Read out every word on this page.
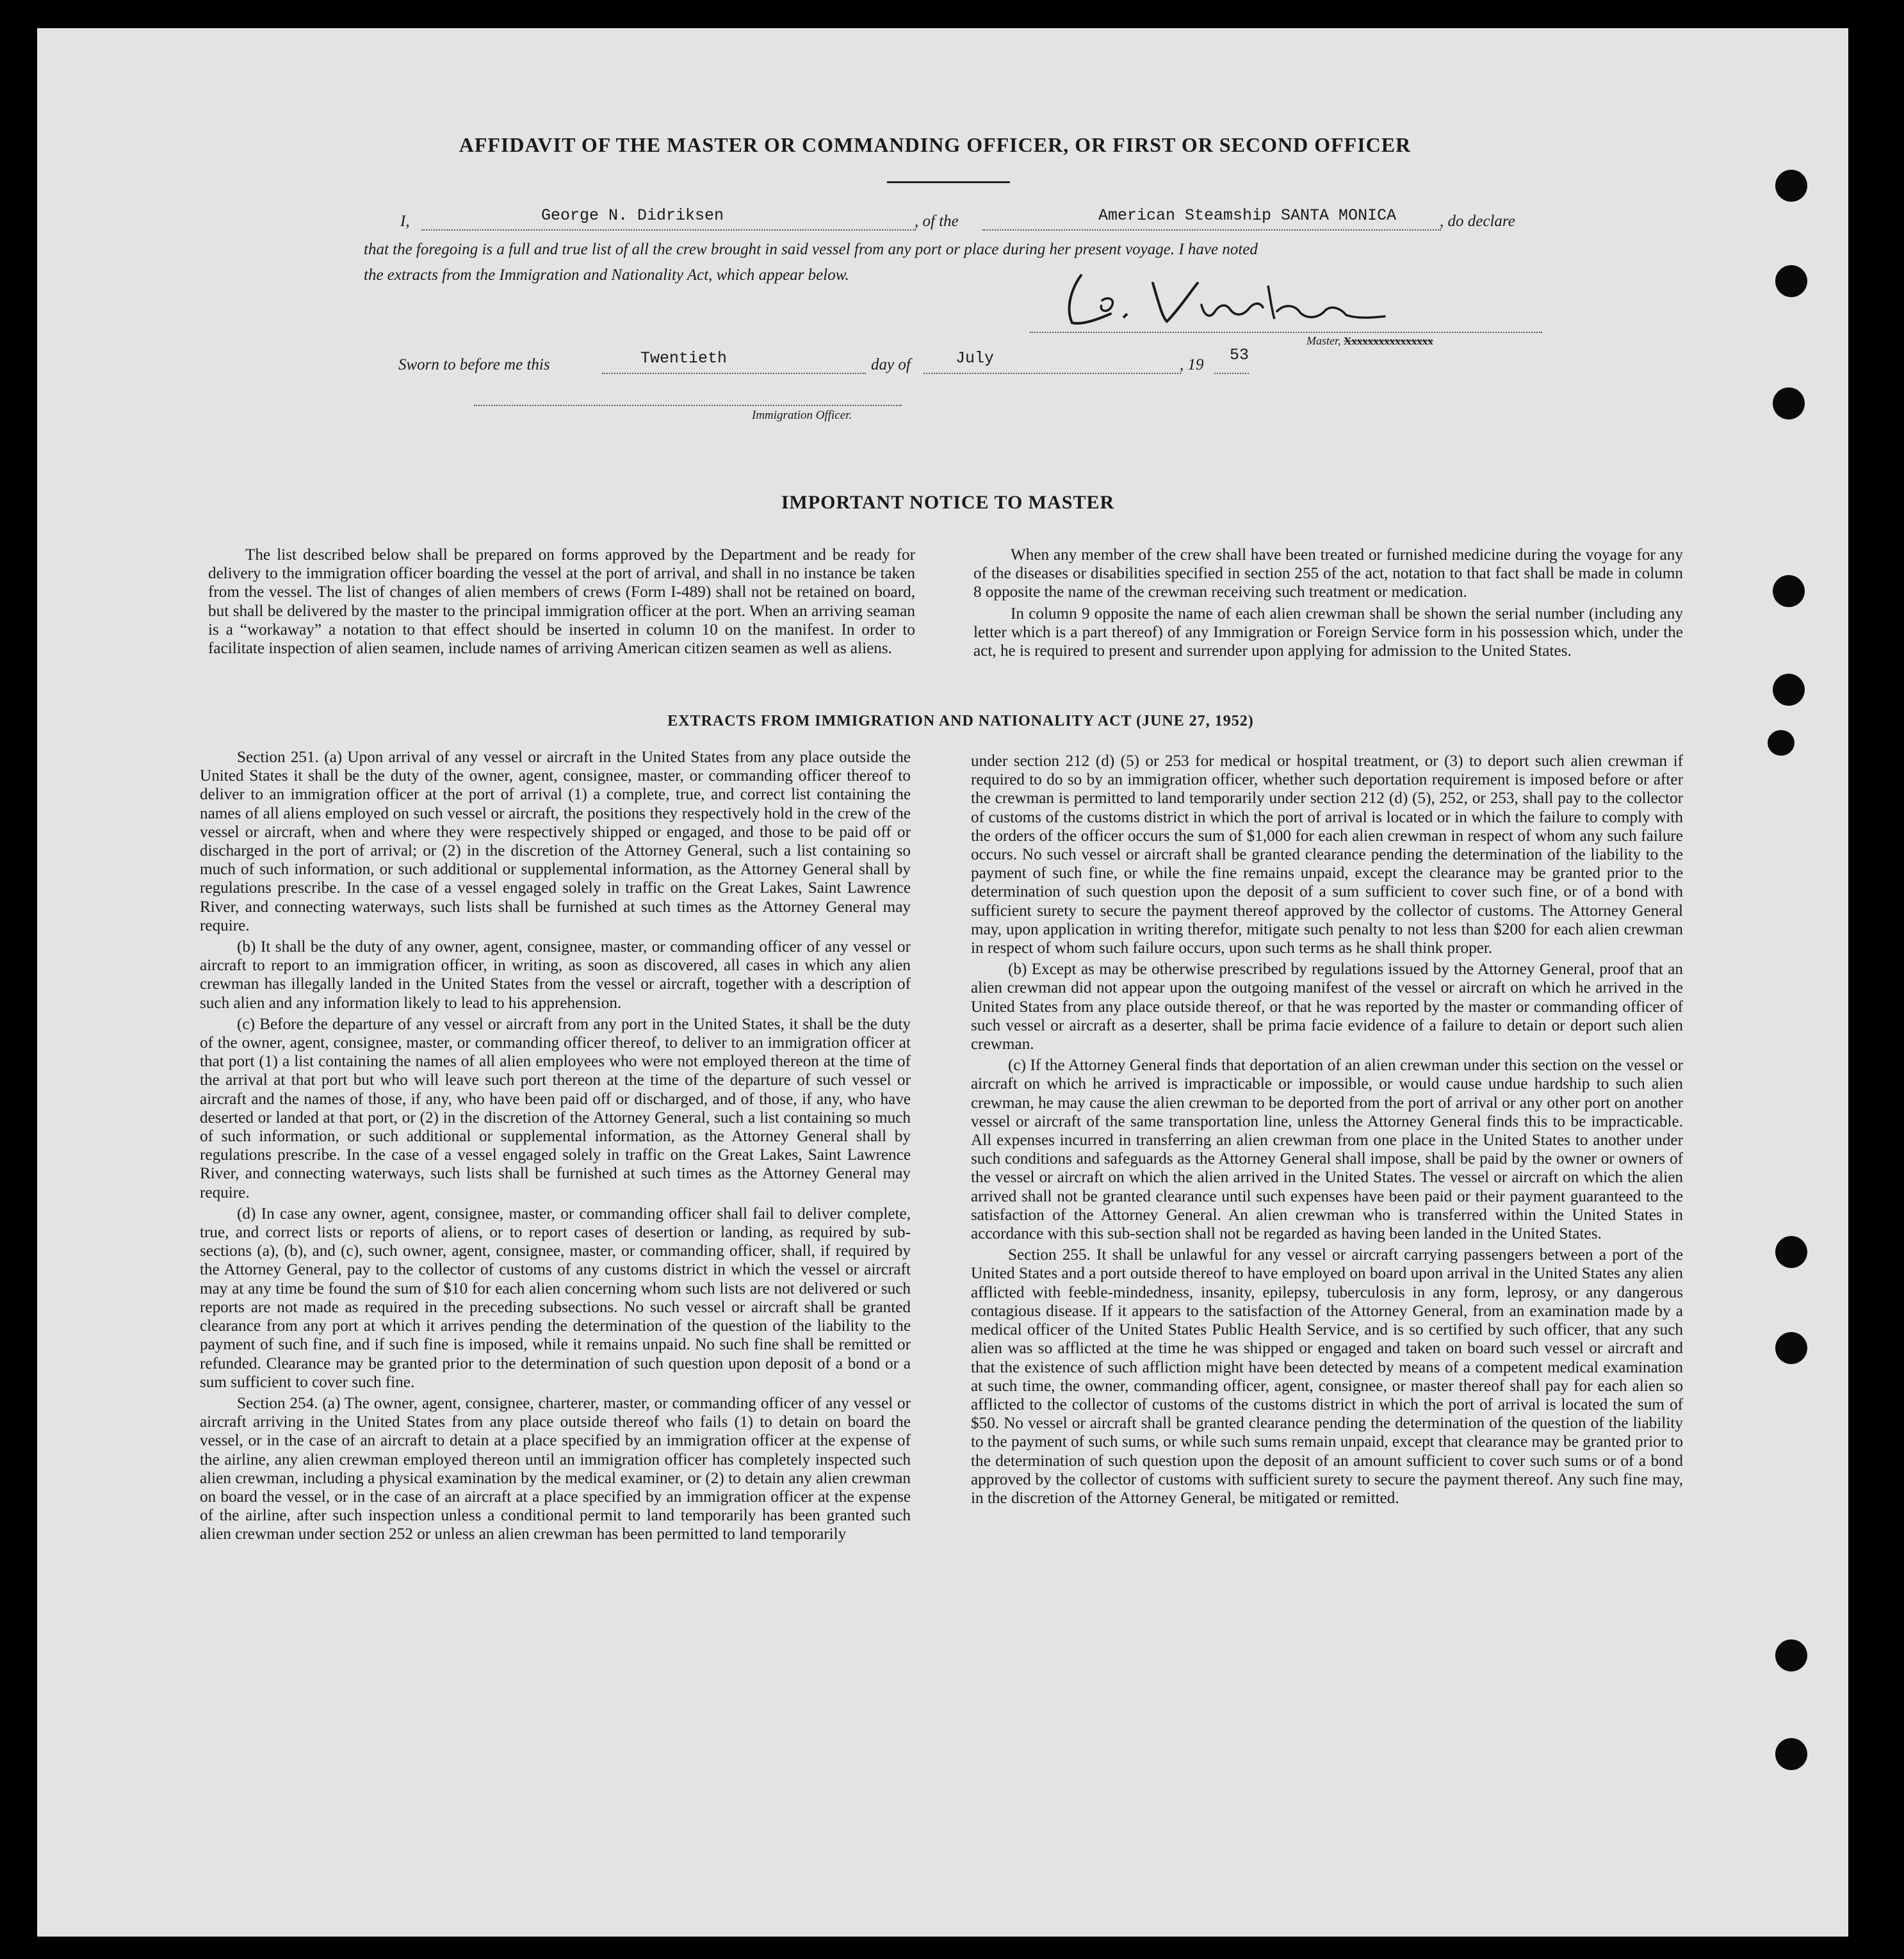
AFFIDAVIT OF THE MASTER OR COMMANDING OFFICER, OR FIRST OR SECOND OFFICER
I,	George N. Didriksen	, of the	American Steamship SANTA MONICA	, do declare
that the foregoing is a full and true list of all the crew brought in said vessel from any port or place during her present voyage. I have noted
the extracts from the Immigration and Nationality Act, which appear below.
Master, Xxxxxxxxxxxxxxxx
Sworn to before me this	Twentieth	day of	July	, 19
53
Immigration Officer.
IMPORTANT NOTICE TO MASTER

The list described below shall be prepared on forms approved by the Department and be ready for delivery to the immigration officer boarding the vessel at the port of arrival, and shall in no instance be taken from the vessel. The list of changes of alien members of crews (Form I-489) shall not be retained on board, but shall be delivered by the master to the principal immigration officer at the port. When an arriving seaman is a “workaway” a notation to that effect should be inserted in column 10 on the manifest. In order to facilitate inspection of alien seamen, include names of arriving American citizen seamen as well as aliens.

When any member of the crew shall have been treated or furnished medicine during the voyage for any of the diseases or disabilities specified in section 255 of the act, notation to that fact shall be made in column 8 opposite the name of the crewman receiving such treatment or medication.

In column 9 opposite the name of each alien crewman shall be shown the serial number (including any letter which is a part thereof) of any Immigration or Foreign Service form in his possession which, under the act, he is required to present and surrender upon applying for admission to the United States.

EXTRACTS FROM IMMIGRATION AND NATIONALITY ACT (JUNE 27, 1952)

Section 251. (a) Upon arrival of any vessel or aircraft in the United States from any place outside the United States it shall be the duty of the owner, agent, consignee, master, or commanding officer thereof to deliver to an immigration officer at the port of arrival (1) a complete, true, and correct list containing the names of all aliens employed on such vessel or aircraft, the positions they respectively hold in the crew of the vessel or aircraft, when and where they were respectively shipped or engaged, and those to be paid off or discharged in the port of arrival; or (2) in the discretion of the Attorney General, such a list containing so much of such information, or such additional or supplemental information, as the Attorney General shall by regulations prescribe. In the case of a vessel engaged solely in traffic on the Great Lakes, Saint Lawrence River, and connecting waterways, such lists shall be furnished at such times as the Attorney General may require.

(b) It shall be the duty of any owner, agent, consignee, master, or commanding officer of any vessel or aircraft to report to an immigration officer, in writing, as soon as discovered, all cases in which any alien crewman has illegally landed in the United States from the vessel or aircraft, together with a description of such alien and any information likely to lead to his apprehension.

(c) Before the departure of any vessel or aircraft from any port in the United States, it shall be the duty of the owner, agent, consignee, master, or commanding officer thereof, to deliver to an immigration officer at that port (1) a list containing the names of all alien employees who were not employed thereon at the time of the arrival at that port but who will leave such port thereon at the time of the departure of such vessel or aircraft and the names of those, if any, who have been paid off or discharged, and of those, if any, who have deserted or landed at that port, or (2) in the discretion of the Attorney General, such a list containing so much of such information, or such additional or supplemental information, as the Attorney General shall by regulations prescribe. In the case of a vessel engaged solely in traffic on the Great Lakes, Saint Lawrence River, and connecting waterways, such lists shall be furnished at such times as the Attorney General may require.

(d) In case any owner, agent, consignee, master, or commanding officer shall fail to deliver complete, true, and correct lists or reports of aliens, or to report cases of desertion or landing, as required by sub-sections (a), (b), and (c), such owner, agent, consignee, master, or commanding officer, shall, if required by the Attorney General, pay to the collector of customs of any customs district in which the vessel or aircraft may at any time be found the sum of $10 for each alien concerning whom such lists are not delivered or such reports are not made as required in the preceding subsections. No such vessel or aircraft shall be granted clearance from any port at which it arrives pending the determination of the question of the liability to the payment of such fine, and if such fine is imposed, while it remains unpaid. No such fine shall be remitted or refunded. Clearance may be granted prior to the determination of such question upon deposit of a bond or a sum sufficient to cover such fine.

Section 254. (a) The owner, agent, consignee, charterer, master, or commanding officer of any vessel or aircraft arriving in the United States from any place outside thereof who fails (1) to detain on board the vessel, or in the case of an aircraft to detain at a place specified by an immigration officer at the expense of the airline, any alien crewman employed thereon until an immigration officer has completely inspected such alien crewman, including a physical examination by the medical examiner, or (2) to detain any alien crewman on board the vessel, or in the case of an aircraft at a place specified by an immigration officer at the expense of the airline, after such inspection unless a conditional permit to land temporarily has been granted such alien crewman under section 252 or unless an alien crewman has been permitted to land temporarily

under section 212 (d) (5) or 253 for medical or hospital treatment, or (3) to deport such alien crewman if required to do so by an immigration officer, whether such deportation requirement is imposed before or after the crewman is permitted to land temporarily under section 212 (d) (5), 252, or 253, shall pay to the collector of customs of the customs district in which the port of arrival is located or in which the failure to comply with the orders of the officer occurs the sum of $1,000 for each alien crewman in respect of whom any such failure occurs. No such vessel or aircraft shall be granted clearance pending the determination of the liability to the payment of such fine, or while the fine remains unpaid, except the clearance may be granted prior to the determination of such question upon the deposit of a sum sufficient to cover such fine, or of a bond with sufficient surety to secure the payment thereof approved by the collector of customs. The Attorney General may, upon application in writing therefor, mitigate such penalty to not less than $200 for each alien crewman in respect of whom such failure occurs, upon such terms as he shall think proper.

(b) Except as may be otherwise prescribed by regulations issued by the Attorney General, proof that an alien crewman did not appear upon the outgoing manifest of the vessel or aircraft on which he arrived in the United States from any place outside thereof, or that he was reported by the master or commanding officer of such vessel or aircraft as a deserter, shall be prima facie evidence of a failure to detain or deport such alien crewman.

(c) If the Attorney General finds that deportation of an alien crewman under this section on the vessel or aircraft on which he arrived is impracticable or impossible, or would cause undue hardship to such alien crewman, he may cause the alien crewman to be deported from the port of arrival or any other port on another vessel or aircraft of the same transportation line, unless the Attorney General finds this to be impracticable. All expenses incurred in transferring an alien crewman from one place in the United States to another under such conditions and safeguards as the Attorney General shall impose, shall be paid by the owner or owners of the vessel or aircraft on which the alien arrived in the United States. The vessel or aircraft on which the alien arrived shall not be granted clearance until such expenses have been paid or their payment guaranteed to the satisfaction of the Attorney General. An alien crewman who is transferred within the United States in accordance with this sub-section shall not be regarded as having been landed in the United States.

Section 255. It shall be unlawful for any vessel or aircraft carrying passengers between a port of the United States and a port outside thereof to have employed on board upon arrival in the United States any alien afflicted with feeble-mindedness, insanity, epilepsy, tuberculosis in any form, leprosy, or any dangerous contagious disease. If it appears to the satisfaction of the Attorney General, from an examination made by a medical officer of the United States Public Health Service, and is so certified by such officer, that any such alien was so afflicted at the time he was shipped or engaged and taken on board such vessel or aircraft and that the existence of such affliction might have been detected by means of a competent medical examination at such time, the owner, commanding officer, agent, consignee, or master thereof shall pay for each alien so afflicted to the collector of customs of the customs district in which the port of arrival is located the sum of $50. No vessel or aircraft shall be granted clearance pending the determination of the question of the liability to the payment of such sums, or while such sums remain unpaid, except that clearance may be granted prior to the determination of such question upon the deposit of an amount sufficient to cover such sums or of a bond approved by the collector of customs with sufficient surety to secure the payment thereof. Any such fine may, in the discretion of the Attorney General, be mitigated or remitted.
